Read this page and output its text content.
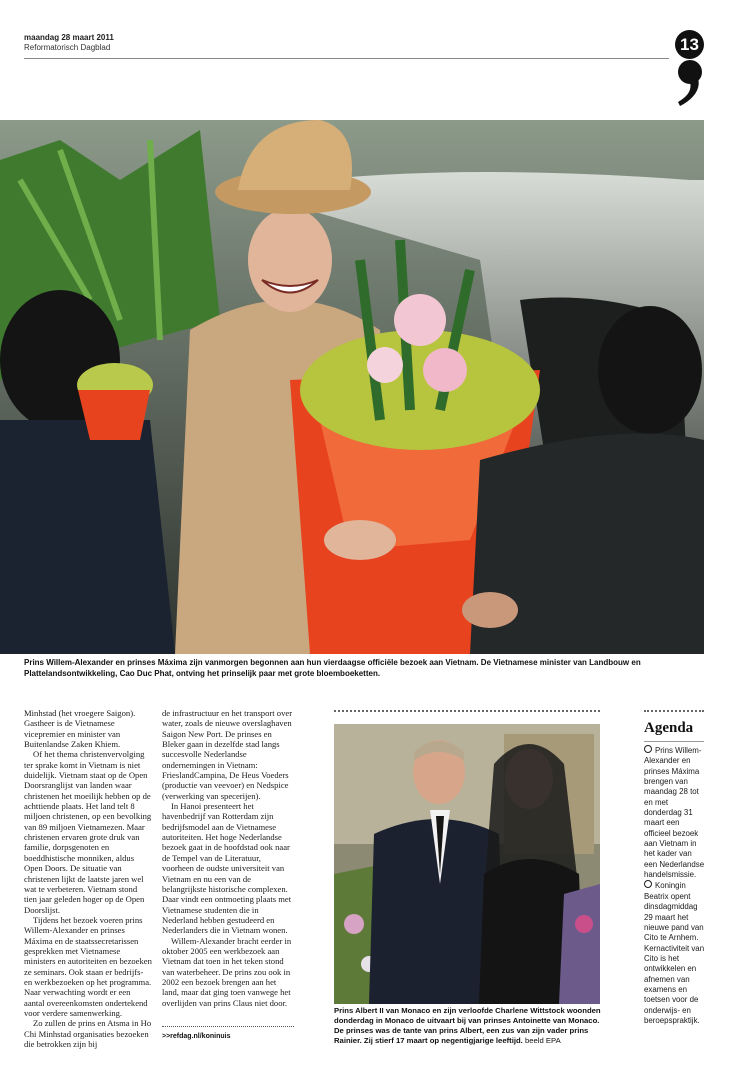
maandag 28 maart 2011
Reformatorisch Dagblad	13
Prins Willem-Alexander en prinses Máxima zijn vanmorgen begonnen aan hun vierdaagse officiële bezoek aan Vietnam. De Vietnamese minister van Landbouw en Plattelandsontwikkeling, Cao Duc Phat, ontving het prinselijk paar met grote bloemboeketten.

Minhstad (het vroegere Saigon). Gastheer is de Vietnamese vicepremier en minister van Buitenlandse Zaken Khiem.

Of het thema christenvervolging ter sprake komt in Vietnam is niet duidelijk. Vietnam staat op de Open Doorsranglijst van landen waar christenen het moeilijk hebben op de achttiende plaats. Het land telt 8 miljoen christenen, op een bevolking van 89 miljoen Vietnamezen. Maar christenen ervaren grote druk van familie, dorpsgenoten en boeddhistische monniken, aldus Open Doors. De situatie van christenen lijkt de laatste jaren wel wat te verbeteren. Vietnam stond tien jaar geleden hoger op de Open Doorslijst.

Tijdens het bezoek voeren prins Willem-Alexander en prinses Máxima en de staatssecretarissen gesprekken met Vietnamese ministers en autoriteiten en bezoeken ze seminars. Ook staan er bedrijfs- en werkbezoeken op het programma. Naar verwachting wordt er een aantal overeenkomsten ondertekend voor verdere samenwerking.

Zo zullen de prins en Atsma in Ho Chi Minhstad organisaties bezoeken die betrokken zijn bij

de infrastructuur en het transport over water, zoals de nieuwe overslaghaven Saigon New Port. De prinses en Bleker gaan in dezelfde stad langs succesvolle Nederlandse ondernemingen in Vietnam: FrieslandCampina, De Heus Voeders (productie van veevoer) en Nedspice (verwerking van specerijen).

In Hanoi presenteert het havenbedrijf van Rotterdam zijn bedrijfsmodel aan de Vietnamese autoriteiten. Het hoge Nederlandse bezoek gaat in de hoofdstad ook naar de Tempel van de Literatuur, voorheen de oudste universiteit van Vietnam en nu een van de belangrijkste historische complexen. Daar vindt een ontmoeting plaats met Vietnamese studenten die in Nederland hebben gestudeerd en Nederlanders die in Vietnam wonen.

Willem-Alexander bracht eerder in oktober 2005 een werkbezoek aan Vietnam dat toen in het teken stond van waterbeheer. De prins zou ook in 2002 een bezoek brengen aan het land, maar dat ging toen vanwege het overlijden van prins Claus niet door.

>>refdag.nl/koninuis
Prins Albert II van Monaco en zijn verloofde Charlene Wittstock woonden donderdag in Monaco de uitvaart bij van prinses Antoinette van Monaco. De prinses was de tante van prins Albert, een zus van zijn vader prins Rainier. Zij stierf 17 maart op negentigjarige leeftijd. beeld EPA
Agenda

Prins Willem-Alexander en prinses Máxima brengen van maandag 28 tot en met donderdag 31 maart een officieel bezoek aan Vietnam in het kader van een Nederlandse handelsmissie.

Koningin Beatrix opent dinsdagmiddag 29 maart het nieuwe pand van Cito te Arnhem. Kernactiviteit van Cito is het ontwikkelen en afnemen van examens en toetsen voor de onderwijs- en beroepspraktijk.
